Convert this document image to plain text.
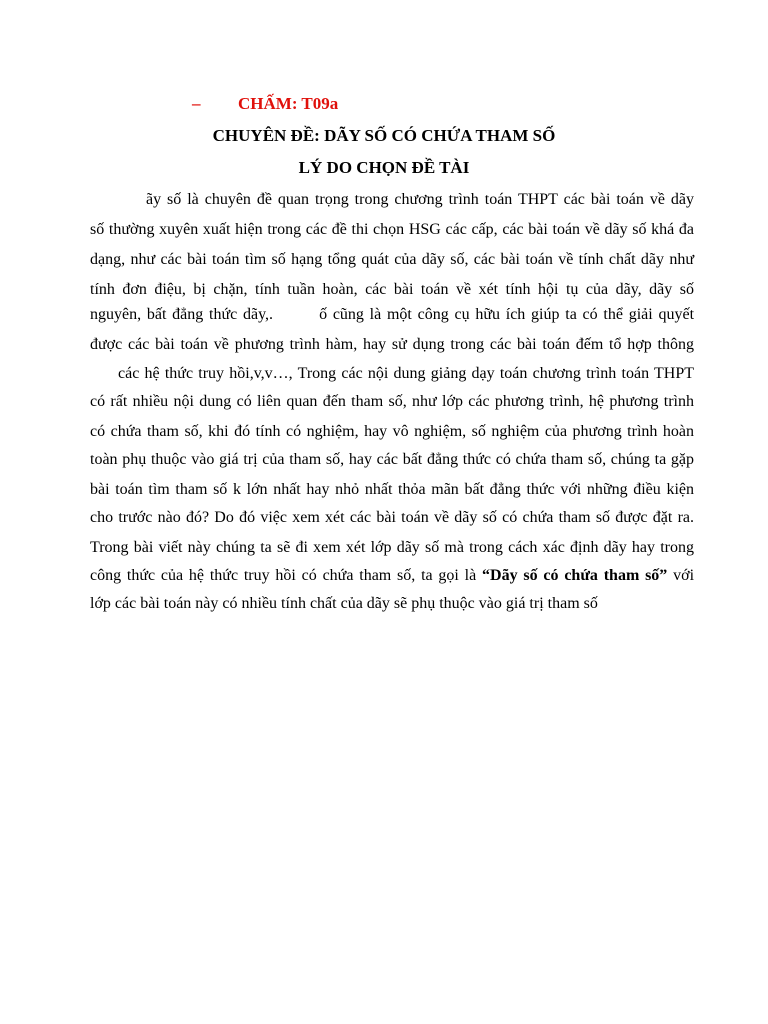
– CHẤM: T09a
CHUYÊN ĐỀ: DÃY SỐ CÓ CHỨA THAM SỐ
LÝ DO CHỌN ĐỀ TÀI
ãy số là chuyên đề quan trọng trong chương trình toán THPT các bài toán về dãy
số thường xuyên xuất hiện trong các đề thi chọn HSG các cấp, các bài toán về dãy số khá đa
dạng, như các bài toán tìm số hạng tổng quát của dãy số, các bài toán về tính chất dãy như
tính đơn điệu, bị chặn, tính tuần hoàn, các bài toán về xét tính hội tụ của dãy, dãy số
nguyên, bất đẳng thức dãy,.	ố cũng là một công cụ hữu ích giúp ta có thể giải quyết
được các bài toán về phương trình hàm, hay sử dụng trong các bài toán đếm tổ hợp thông
các hệ thức truy hồi,v,v…, Trong các nội dung giảng dạy toán chương trình toán THPT
có rất nhiều nội dung có liên quan đến tham số, như lớp các phương trình, hệ phương trình
có chứa tham số, khi đó tính có nghiệm, hay vô nghiệm, số nghiệm của phương trình hoàn
toàn phụ thuộc vào giá trị của tham số, hay các bất đẳng thức có chứa tham số, chúng ta gặp
bài toán tìm tham số k lớn nhất hay nhỏ nhất thỏa mãn bất đẳng thức với những điều kiện
cho trước nào đó? Do đó việc xem xét các bài toán về dãy số có chứa tham số được đặt ra.
Trong bài viết này chúng ta sẽ đi xem xét lớp dãy số mà trong cách xác định dãy hay trong
công thức của hệ thức truy hồi có chứa tham số, ta gọi là “Dãy số có chứa tham số” với
lớp các bài toán này có nhiều tính chất của dãy sẽ phụ thuộc vào giá trị tham số
